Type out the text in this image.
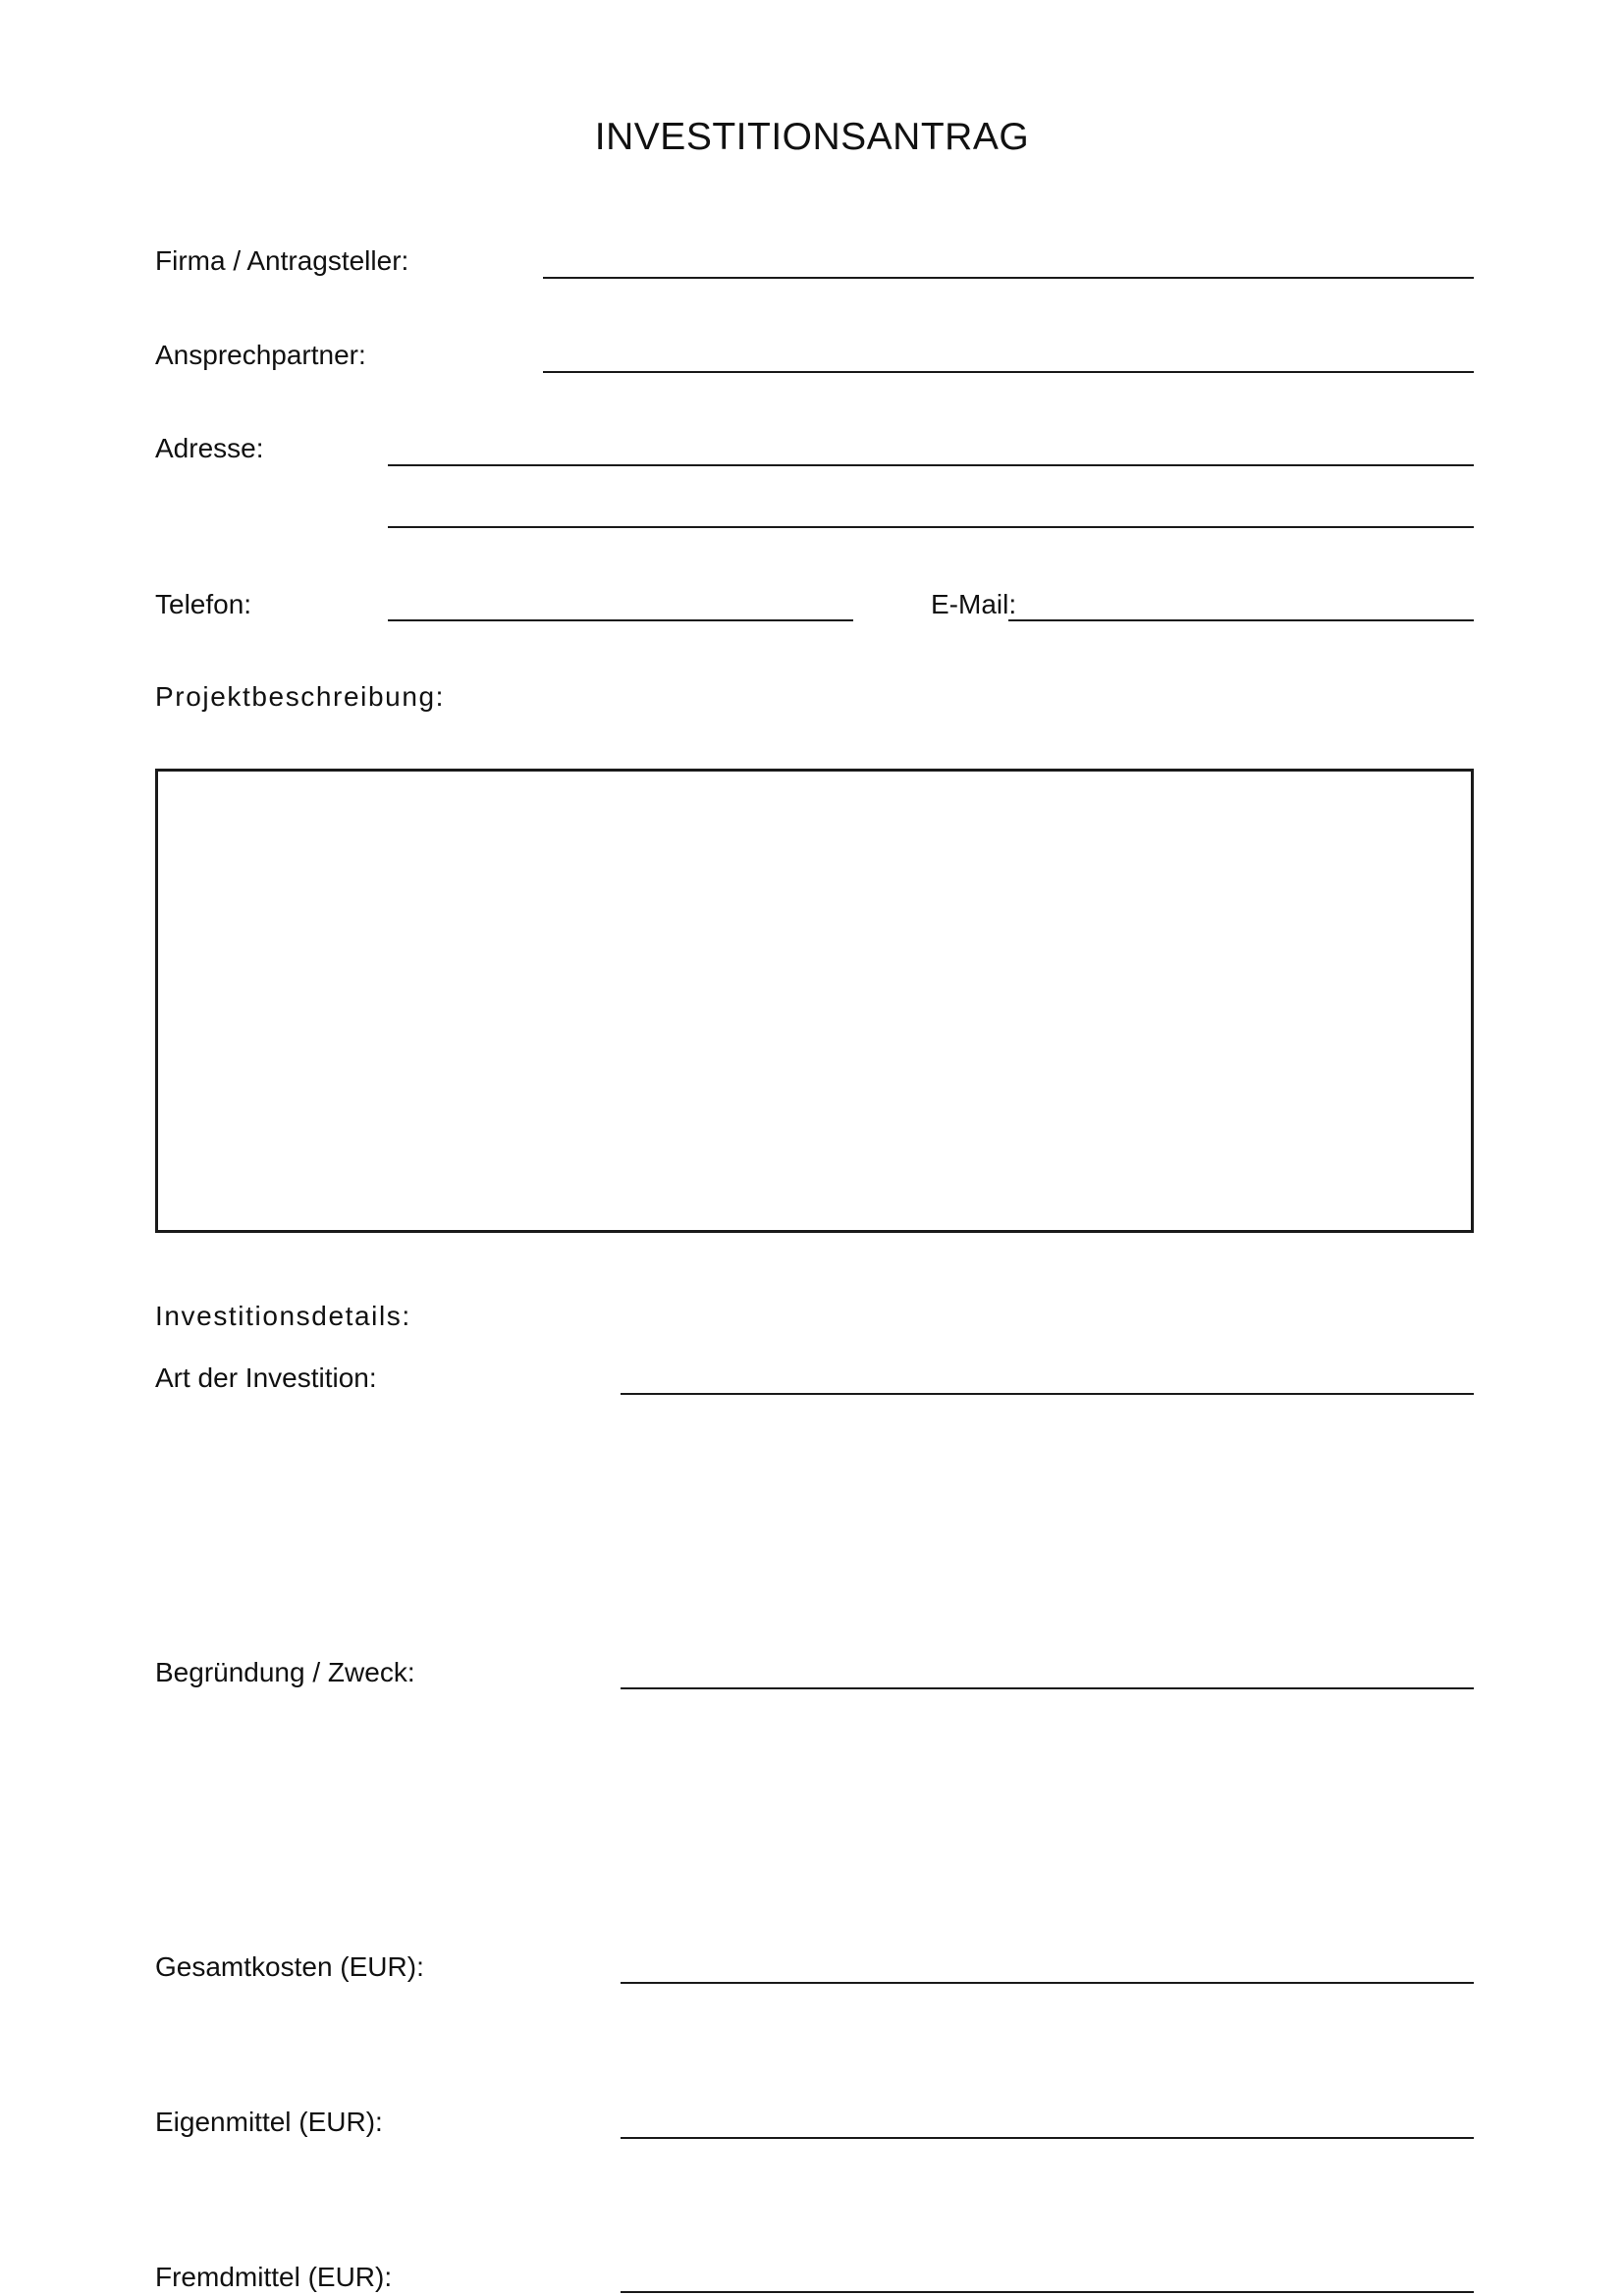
INVESTITIONSANTRAG
Firma / Antragsteller:
Ansprechpartner:
Adresse:
Telefon:	E-Mail:
Projektbeschreibung:
Investitionsdetails:
Art der Investition:
Begründung / Zweck:
Gesamtkosten (EUR):
Eigenmittel (EUR):
Fremdmittel (EUR):
